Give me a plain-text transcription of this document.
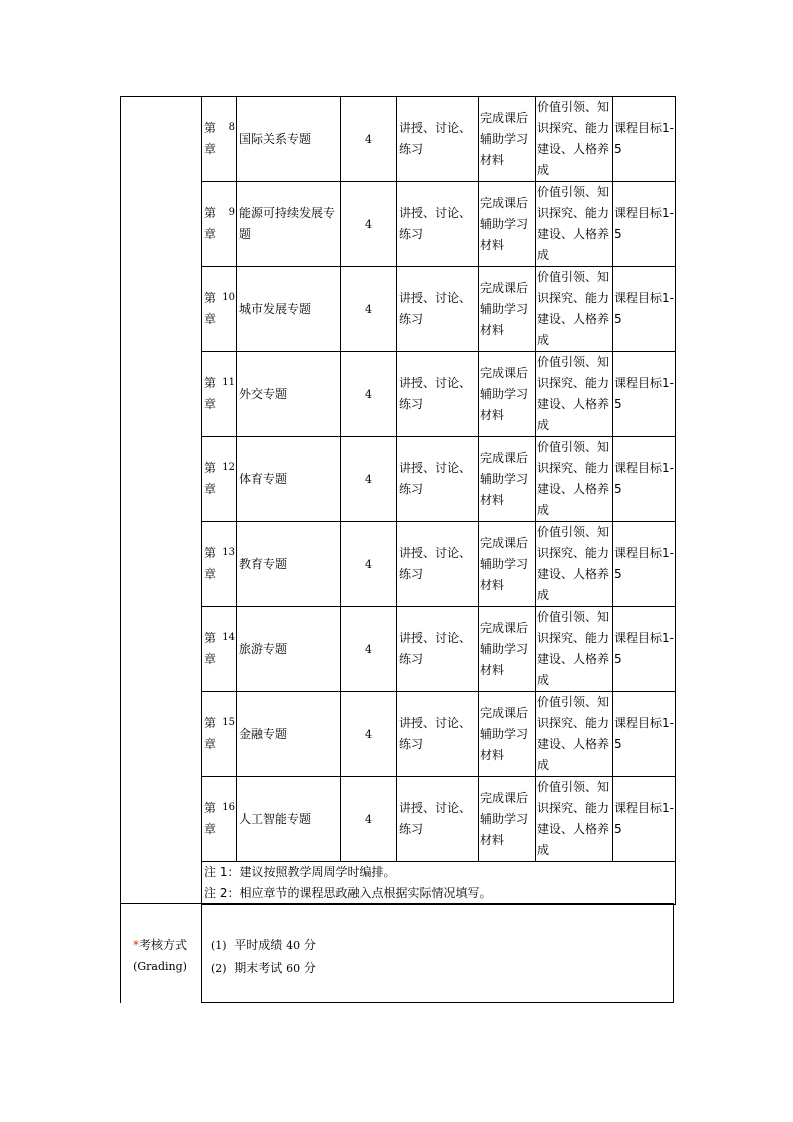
第 8
章	国际关系专题	4	讲授、讨论、练习	完成课后辅助学习材料	价值引领、知识探究、能力建设、人格养成	课程目标1-5

第 9
章	能源可持续发展专题	4	讲授、讨论、练习	完成课后辅助学习材料	价值引领、知识探究、能力建设、人格养成	课程目标1-5

第 10
章	城市发展专题	4	讲授、讨论、练习	完成课后辅助学习材料	价值引领、知识探究、能力建设、人格养成	课程目标1-5

第 11
章	外交专题	4	讲授、讨论、练习	完成课后辅助学习材料	价值引领、知识探究、能力建设、人格养成	课程目标1-5

第 12
章	体育专题	4	讲授、讨论、练习	完成课后辅助学习材料	价值引领、知识探究、能力建设、人格养成	课程目标1-5

第 13
章	教育专题	4	讲授、讨论、练习	完成课后辅助学习材料	价值引领、知识探究、能力建设、人格养成	课程目标1-5

第 14
章	旅游专题	4	讲授、讨论、练习	完成课后辅助学习材料	价值引领、知识探究、能力建设、人格养成	课程目标1-5

第 15
章	金融专题	4	讲授、讨论、练习	完成课后辅助学习材料	价值引领、知识探究、能力建设、人格养成	课程目标1-5

第 16
章	人工智能专题	4	讲授、讨论、练习	完成课后辅助学习材料	价值引领、知识探究、能力建设、人格养成	课程目标1-5

注 1：建议按照教学周周学时编排。
注 2：相应章节的课程思政融入点根据实际情况填写。						
*考核方式
(Grading)
(1) 平时成绩 40 分
(2) 期末考试 60 分
